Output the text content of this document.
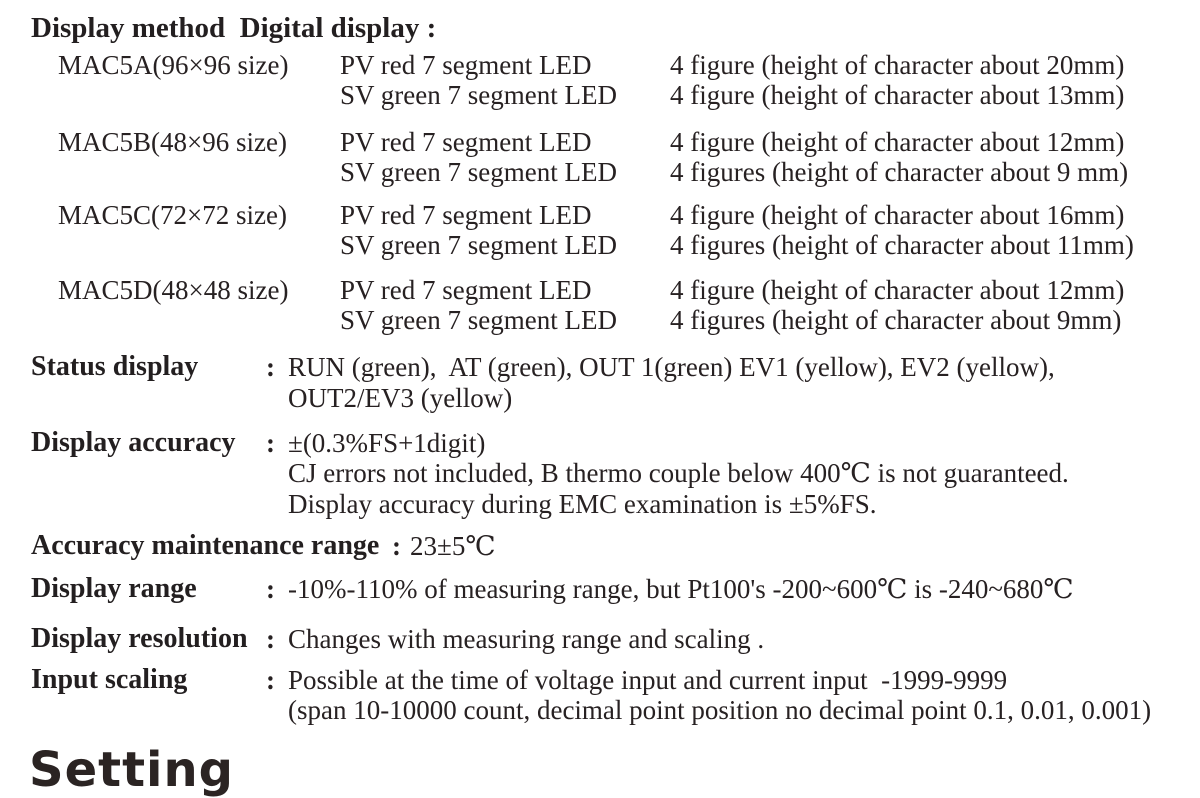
Display method  Digital display :
MAC5A(96×96 size) PV red 7 segment LED	4 figure (height of character about 20mm)
SV green 7 segment LED 4 figure (height of character about 13mm)
MAC5B(48×96 size) PV red 7 segment LED	4 figure (height of character about 12mm)
SV green 7 segment LED 4 figures (height of character about 9 mm)
MAC5C(72×72 size) PV red 7 segment LED	4 figure (height of character about 16mm)
SV green 7 segment LED 4 figures (height of character about 11mm)
MAC5D(48×48 size) PV red 7 segment LED	4 figure (height of character about 12mm)
SV green 7 segment LED 4 figures (height of character about 9mm)
Status display	: RUN (green),  AT (green), OUT 1(green) EV1 (yellow), EV2 (yellow),
OUT2/EV3 (yellow)
Display accuracy : ±(0.3%FS+1digit)
CJ errors not included, B thermo couple below 400℃ is not guaranteed.
Display accuracy during EMC examination is ±5%FS.
Accuracy maintenance range : 23±5℃
Display range	: -10%-110% of measuring range, but Pt100's -200~600℃ is -240~680℃
Display resolution : Changes with measuring range and scaling .
Input scaling	: Possible at the time of voltage input and current input  -1999-9999
(span 10-10000 count, decimal point position no decimal point 0.1, 0.01, 0.001)
Setting
